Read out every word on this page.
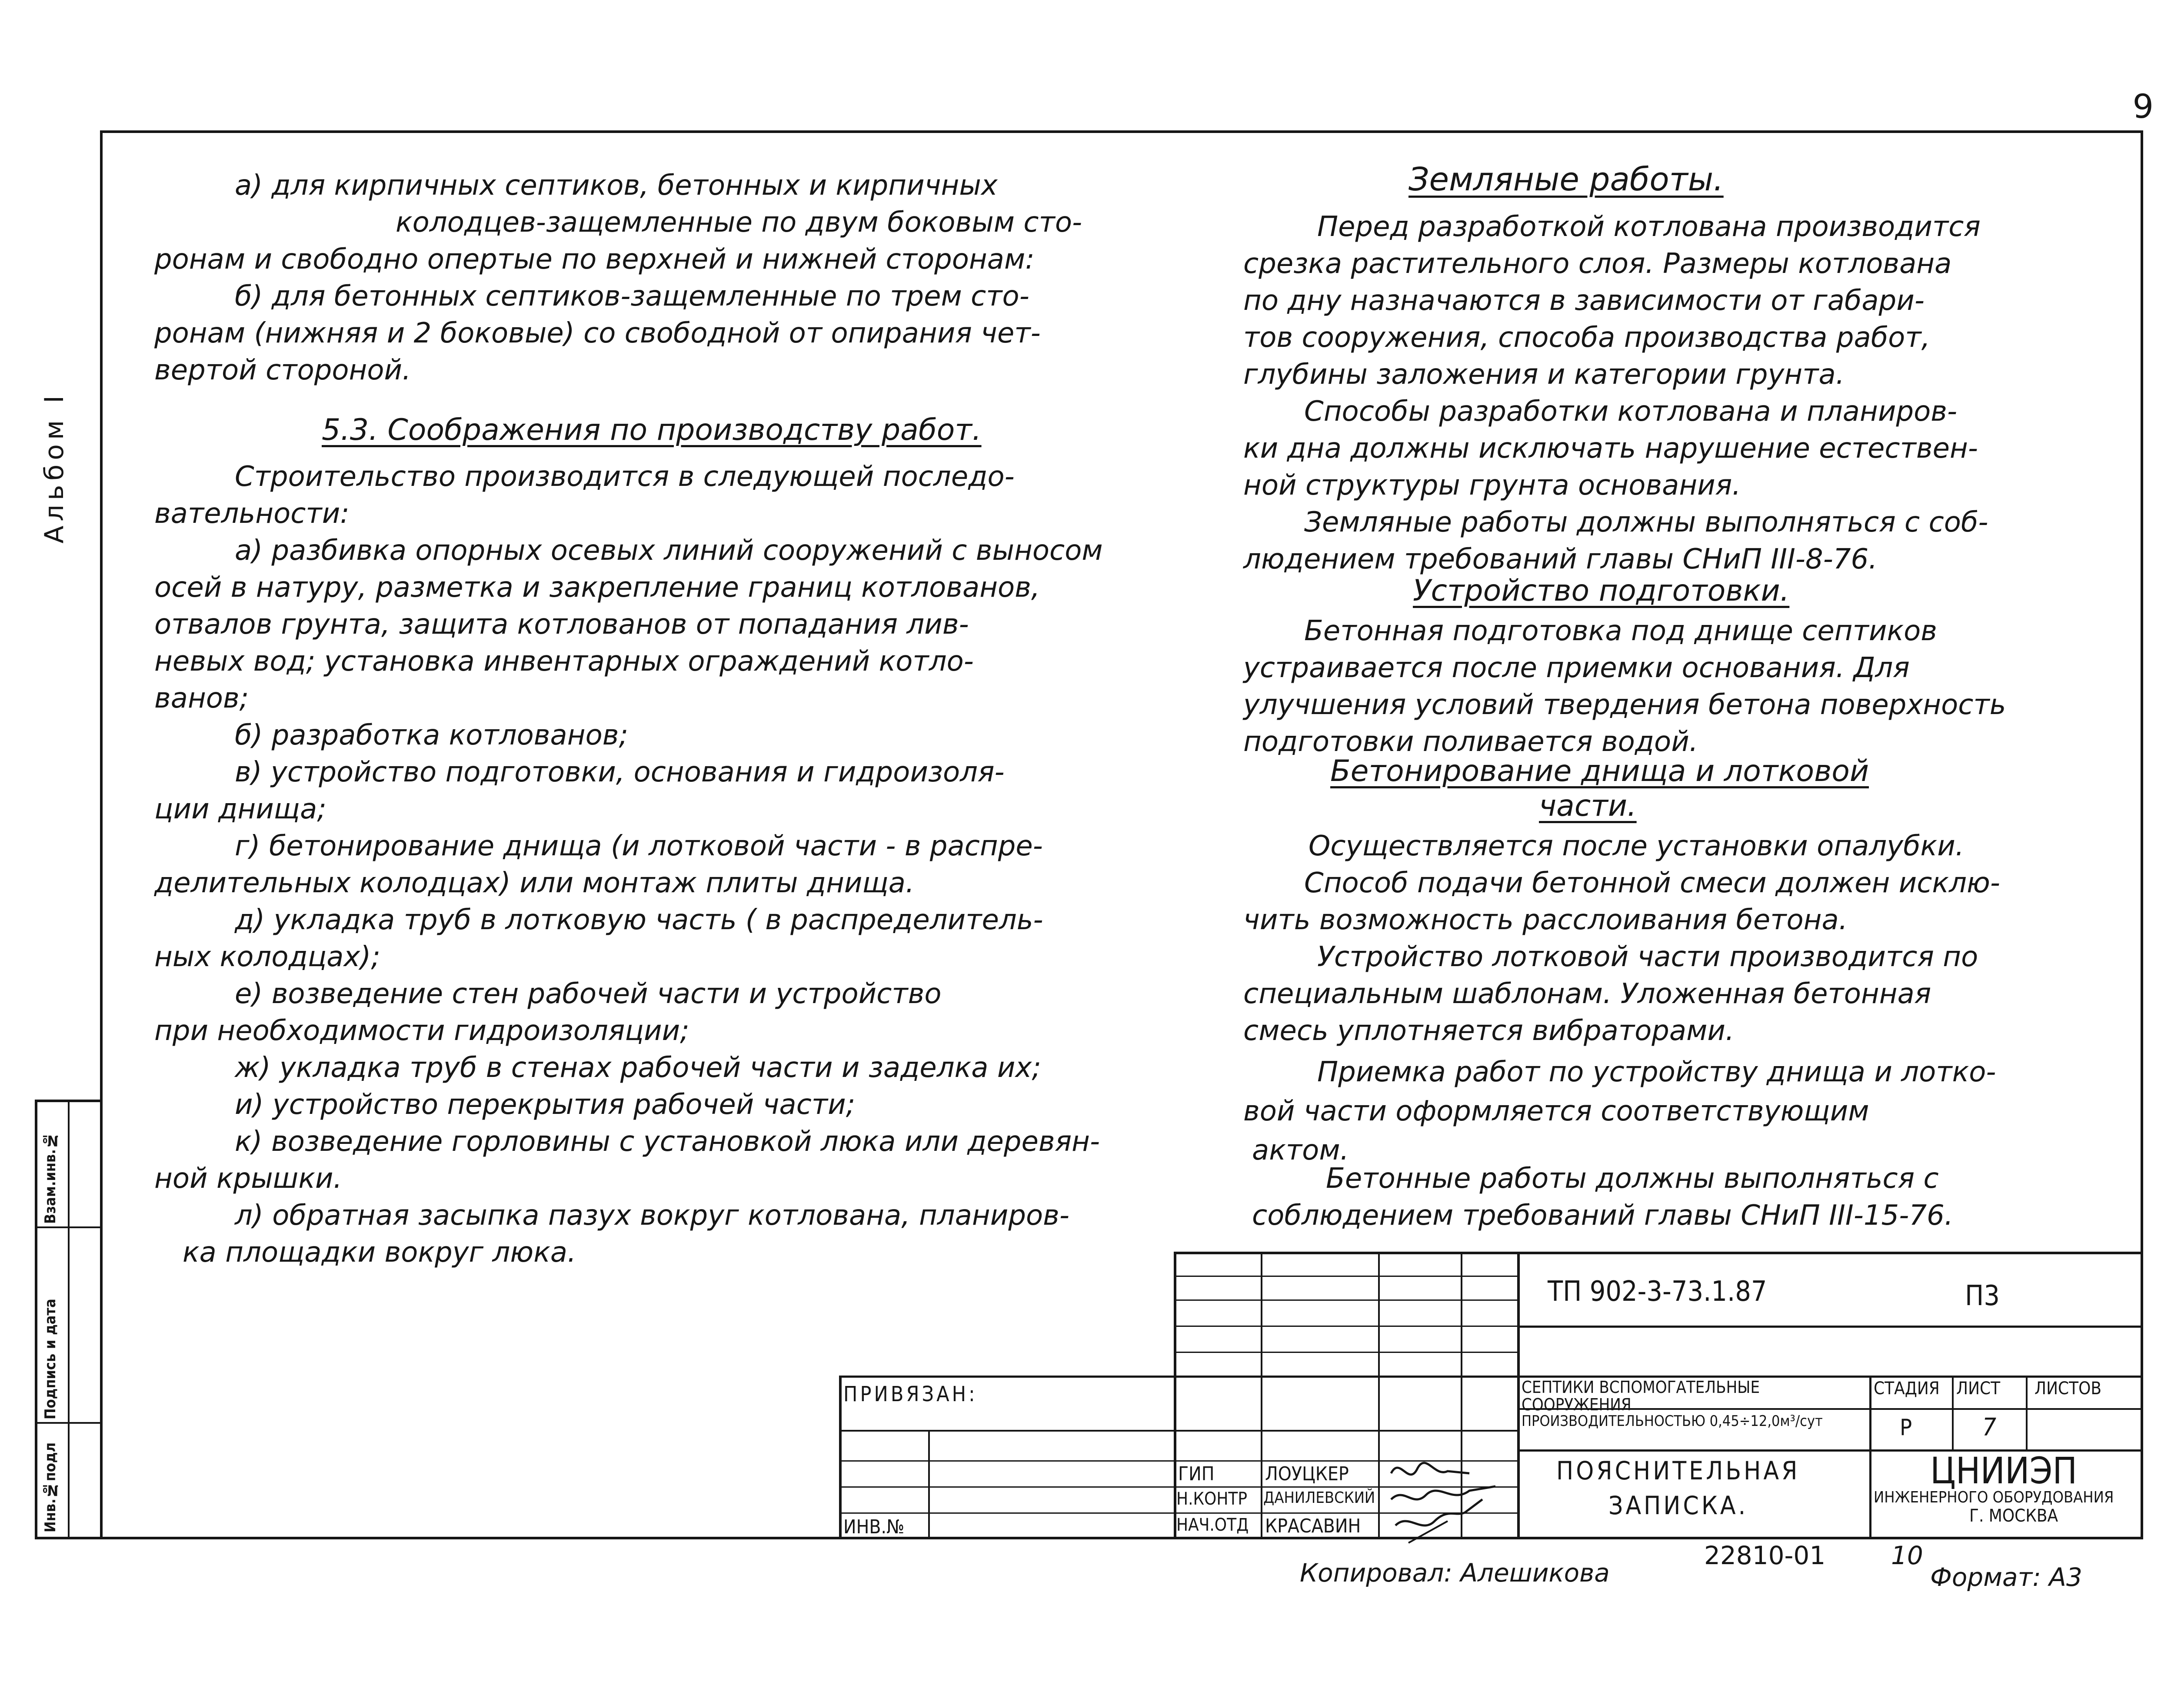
9
Альбом I
Взам.инв.№
Подпись и дата
Инв.№подл
а) для кирпичных септиков, бетонных и кирпичных
колодцев-защемленные по двум боковым сто-
ронам и свободно опертые по верхней и нижней сторонам:
б) для бетонных септиков-защемленные по трем сто-
ронам (нижняя и 2 боковые) со свободной от опирания чет-
вертой стороной.
5.3. Соображения по производству работ.
Строительство производится в следующей последо-
вательности:
а) разбивка опорных осевых линий сооружений с выносом
осей в натуру, разметка и закрепление границ котлованов,
отвалов грунта, защита котлованов от попадания лив-
невых вод; установка инвентарных ограждений котло-
ванов;
б) разработка котлованов;
в) устройство подготовки, основания и гидроизоля-
ции днища;
г) бетонирование днища (и лотковой части - в распре-
делительных колодцах) или монтаж плиты днища.
д) укладка труб в лотковую часть ( в распределитель-
ных колодцах);
е) возведение стен рабочей части и устройство
при необходимости гидроизоляции;
ж) укладка труб в стенах рабочей части и заделка их;
и) устройство перекрытия рабочей части;
к) возведение горловины с установкой люка или деревян-
ной крышки.
л) обратная засыпка пазух вокруг котлована, планиров-
ка площадки вокруг люка.
Земляные работы.
Перед разработкой котлована производится
срезка растительного слоя. Размеры котлована
по дну назначаются в зависимости от габари-
тов сооружения, способа производства работ,
глубины заложения и категории грунта.
Способы разработки котлована и планиров-
ки дна должны исключать нарушение естествен-
ной структуры грунта основания.
Земляные работы должны выполняться с соб-
людением требований главы СНиП III-8-76.
Устройство подготовки.
Бетонная подготовка под днище септиков
устраивается после приемки основания. Для
улучшения условий твердения бетона поверхность
подготовки поливается водой.
Бетонирование днища и лотковой
части.
Осуществляется после установки опалубки.
Способ подачи бетонной смеси должен исклю-
чить возможность расслоивания бетона.
Устройство лотковой части производится по
специальным шаблонам. Уложенная бетонная
смесь уплотняется вибраторами.
Приемка работ по устройству днища и лотко-
вой части оформляется соответствующим
актом.
Бетонные работы должны выполняться с
соблюдением требований главы СНиП III-15-76.
ТП 902-3-73.1.87	П3
СЕПТИКИ ВСПОМОГАТЕЛЬНЫЕ
СООРУЖЕНИЯ
ПРОИЗВОДИТЕЛЬНОСТЬЮ 0,45÷12,0м³/сут
СТАДИЯ ЛИСТ ЛИСТОВ
Р	7
ПОЯСНИТЕЛЬНАЯ
ЗАПИСКА.
ЦНИИЭП
ИНЖЕНЕРНОГО ОБОРУДОВАНИЯ
Г. МОСКВА
ПРИВЯЗАН:
ИНВ.№
ГИП	ЛОУЦКЕР
Н.КОНТР ДАНИЛЕВСКИЙ
НАЧ.ОТД КРАСАВИН
Копировал: Алешикова
22810-01	10
Формат: А3
